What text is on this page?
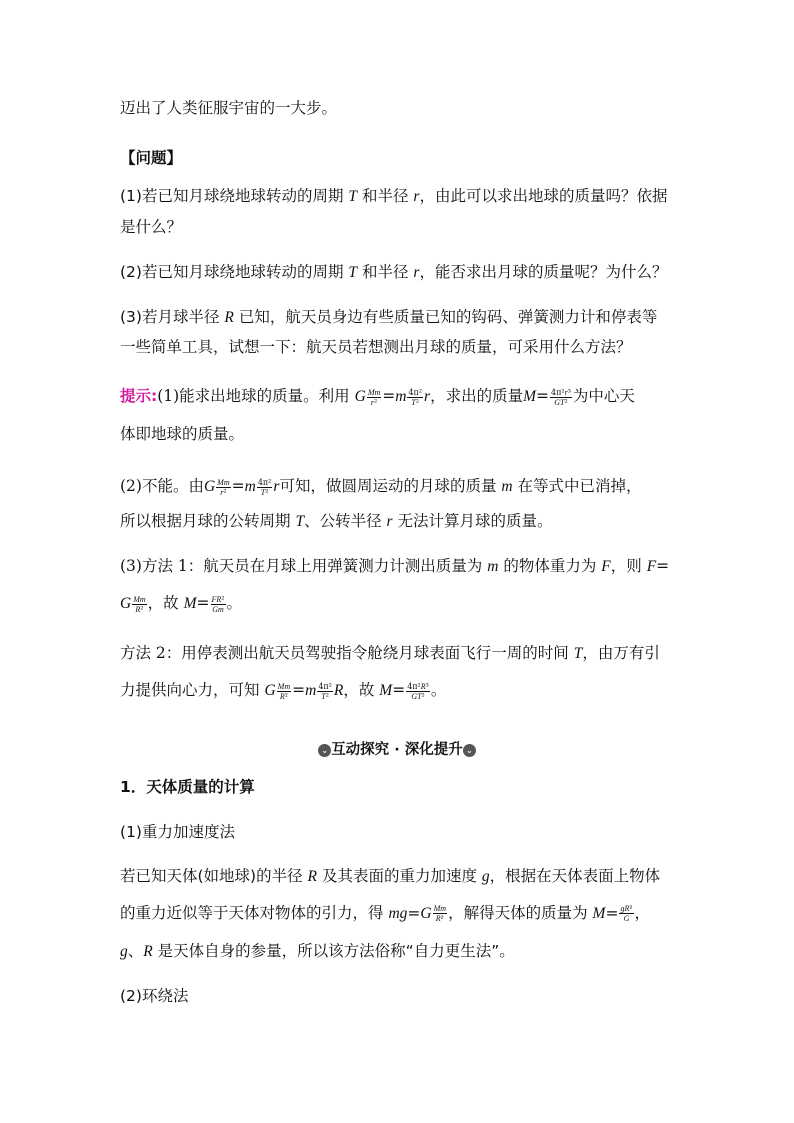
迈出了人类征服宇宙的一大步。
【问题】
(1)若已知月球绕地球转动的周期 T 和半径 r，由此可以求出地球的质量吗？依据
是什么？
(2)若已知月球绕地球转动的周期 T 和半径 r，能否求出月球的质量呢？为什么？
(3)若月球半径 R 已知，航天员身边有些质量已知的钩码、弹簧测力计和停表等
一些简单工具，试想一下：航天员若想测出月球的质量，可采用什么方法？
提示:(1)能求出地球的质量。利用 G $\frac{Mm}{\text{r²}} =m \frac{\text{4π²}}{\text{T²}}$ r，求出的质量$M= \frac{\text{4π²r³}}{\text{GT²}}$ 为中心天
体即地球的质量。
(2)不能。由G $\frac{Mm}{\text{r²}} =m \frac{\text{4π²}}{\text{T²}}$ r可知，做圆周运动的月球的质量 m 在等式中已消掉，
所以根据月球的公转周期 T、公转半径 r 无法计算月球的质量。
(3)方法 1：航天员在月球上用弹簧测力计测出质量为 m 的物体重力为 F，则 F=
G $\frac{Mm}{\text{R²}}$ ，故 $M= \frac{\text{FR²}}{Gm}$ 。
方法 2：用停表测出航天员驾驶指令舱绕月球表面飞行一周的时间 T，由万有引
力提供向心力，可知 G $\frac{Mm}{\text{R²}} =m \frac{\text{4π²}}{\text{T²}}$ R，故 $M= \frac{\text{4π²R³}}{\text{GT²}}$ 。
⌄ 互动探究 · 深化提升 ⌄
1．天体质量的计算
(1)重力加速度法
若已知天体(如地球)的半径 R 及其表面的重力加速度 g，根据在天体表面上物体
的重力近似等于天体对物体的引力，得 $mg=G \frac{Mm}{\text{R²}}$ ，解得天体的质量为 $M= \frac{\text{gR²}}{G}$ ，
g、R 是天体自身的参量，所以该方法俗称“自力更生法”。
(2)环绕法
